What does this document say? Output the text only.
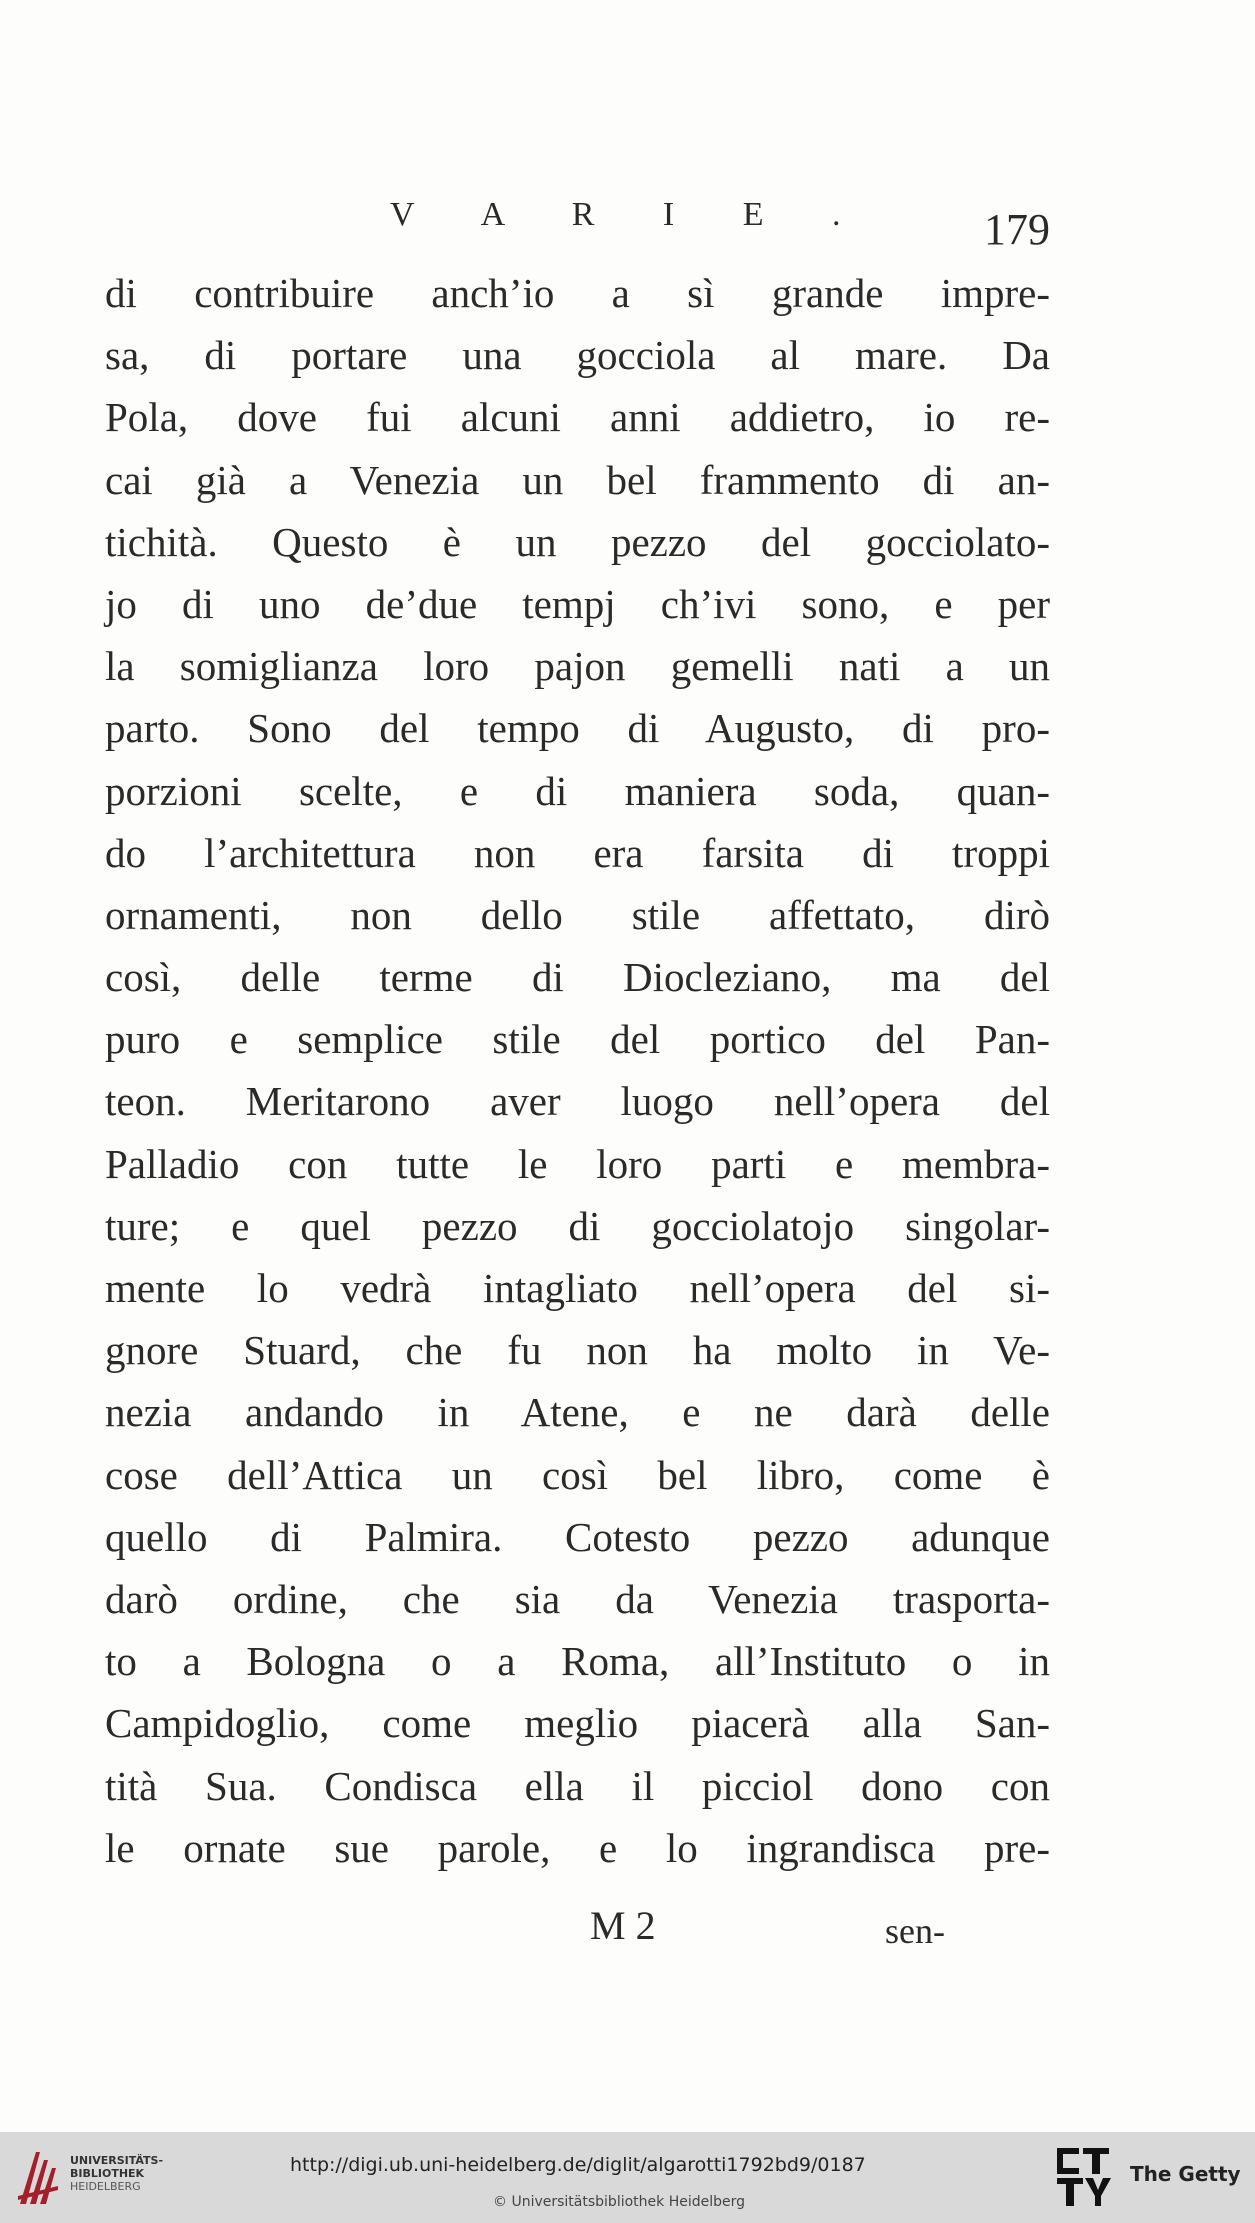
V A R I E .	179
di contribuire anch’io a sì grande impre-
sa, di portare una gocciola al mare. Da
Pola, dove fui alcuni anni addietro, io re-
cai già a Venezia un bel frammento di an-
tichità. Questo è un pezzo del gocciolato-
jo di uno de’due tempj ch’ivi sono, e per
la somiglianza loro pajon gemelli nati a un
parto. Sono del tempo di Augusto, di pro-
porzioni scelte, e di maniera soda, quan-
do l’architettura non era farsita di troppi
ornamenti, non dello stile affettato, dirò
così, delle terme di Diocleziano, ma del
puro e semplice stile del portico del Pan-
teon. Meritarono aver luogo nell’opera del
Palladio con tutte le loro parti e membra-
ture; e quel pezzo di gocciolatojo singolar-
mente lo vedrà intagliato nell’opera del si-
gnore Stuard, che fu non ha molto in Ve-
nezia andando in Atene, e ne darà delle
cose dell’Attica un così bel libro, come è
quello di Palmira. Cotesto pezzo adunque
darò ordine, che sia da Venezia trasporta-
to a Bologna o a Roma, all’Instituto o in
Campidoglio, come meglio piacerà alla San-
tità Sua. Condisca ella il picciol dono con
le ornate sue parole, e lo ingrandisca pre-
M 2	sen-
UNIVERSITÄTS-
BIBLIOTHEK
HEIDELBERG
http://digi.ub.uni-heidelberg.de/diglit/algarotti1792bd9/0187
© Universitätsbibliothek Heidelberg
The Getty
